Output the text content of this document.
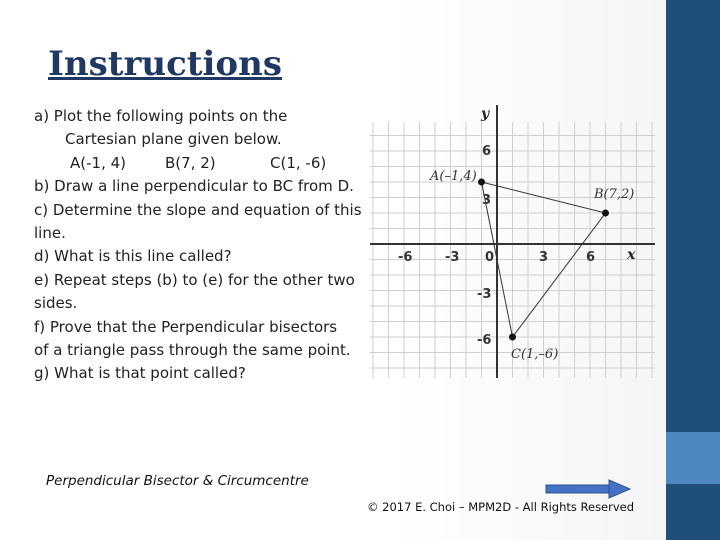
Instructions
a) Plot the following points on the
Cartesian plane given below.
A(-1, 4)	B(7, 2)	C(1, -6)
b) Draw a line perpendicular to BC from D.
c) Determine the slope and equation of this
line.
d) What is this line called?
e) Repeat steps (b) to (e) for the other two
sides.
f) Prove that the Perpendicular bisectors
of a triangle pass through the same point.
g) What is that point called?
y
x
-6	-3 0	3	6
6
3
-3
-6
A(–1,4)
B(7,2)
C(1,–6)
Perpendicular Bisector & Circumcentre
© 2017 E. Choi – MPM2D - All Rights Reserved
